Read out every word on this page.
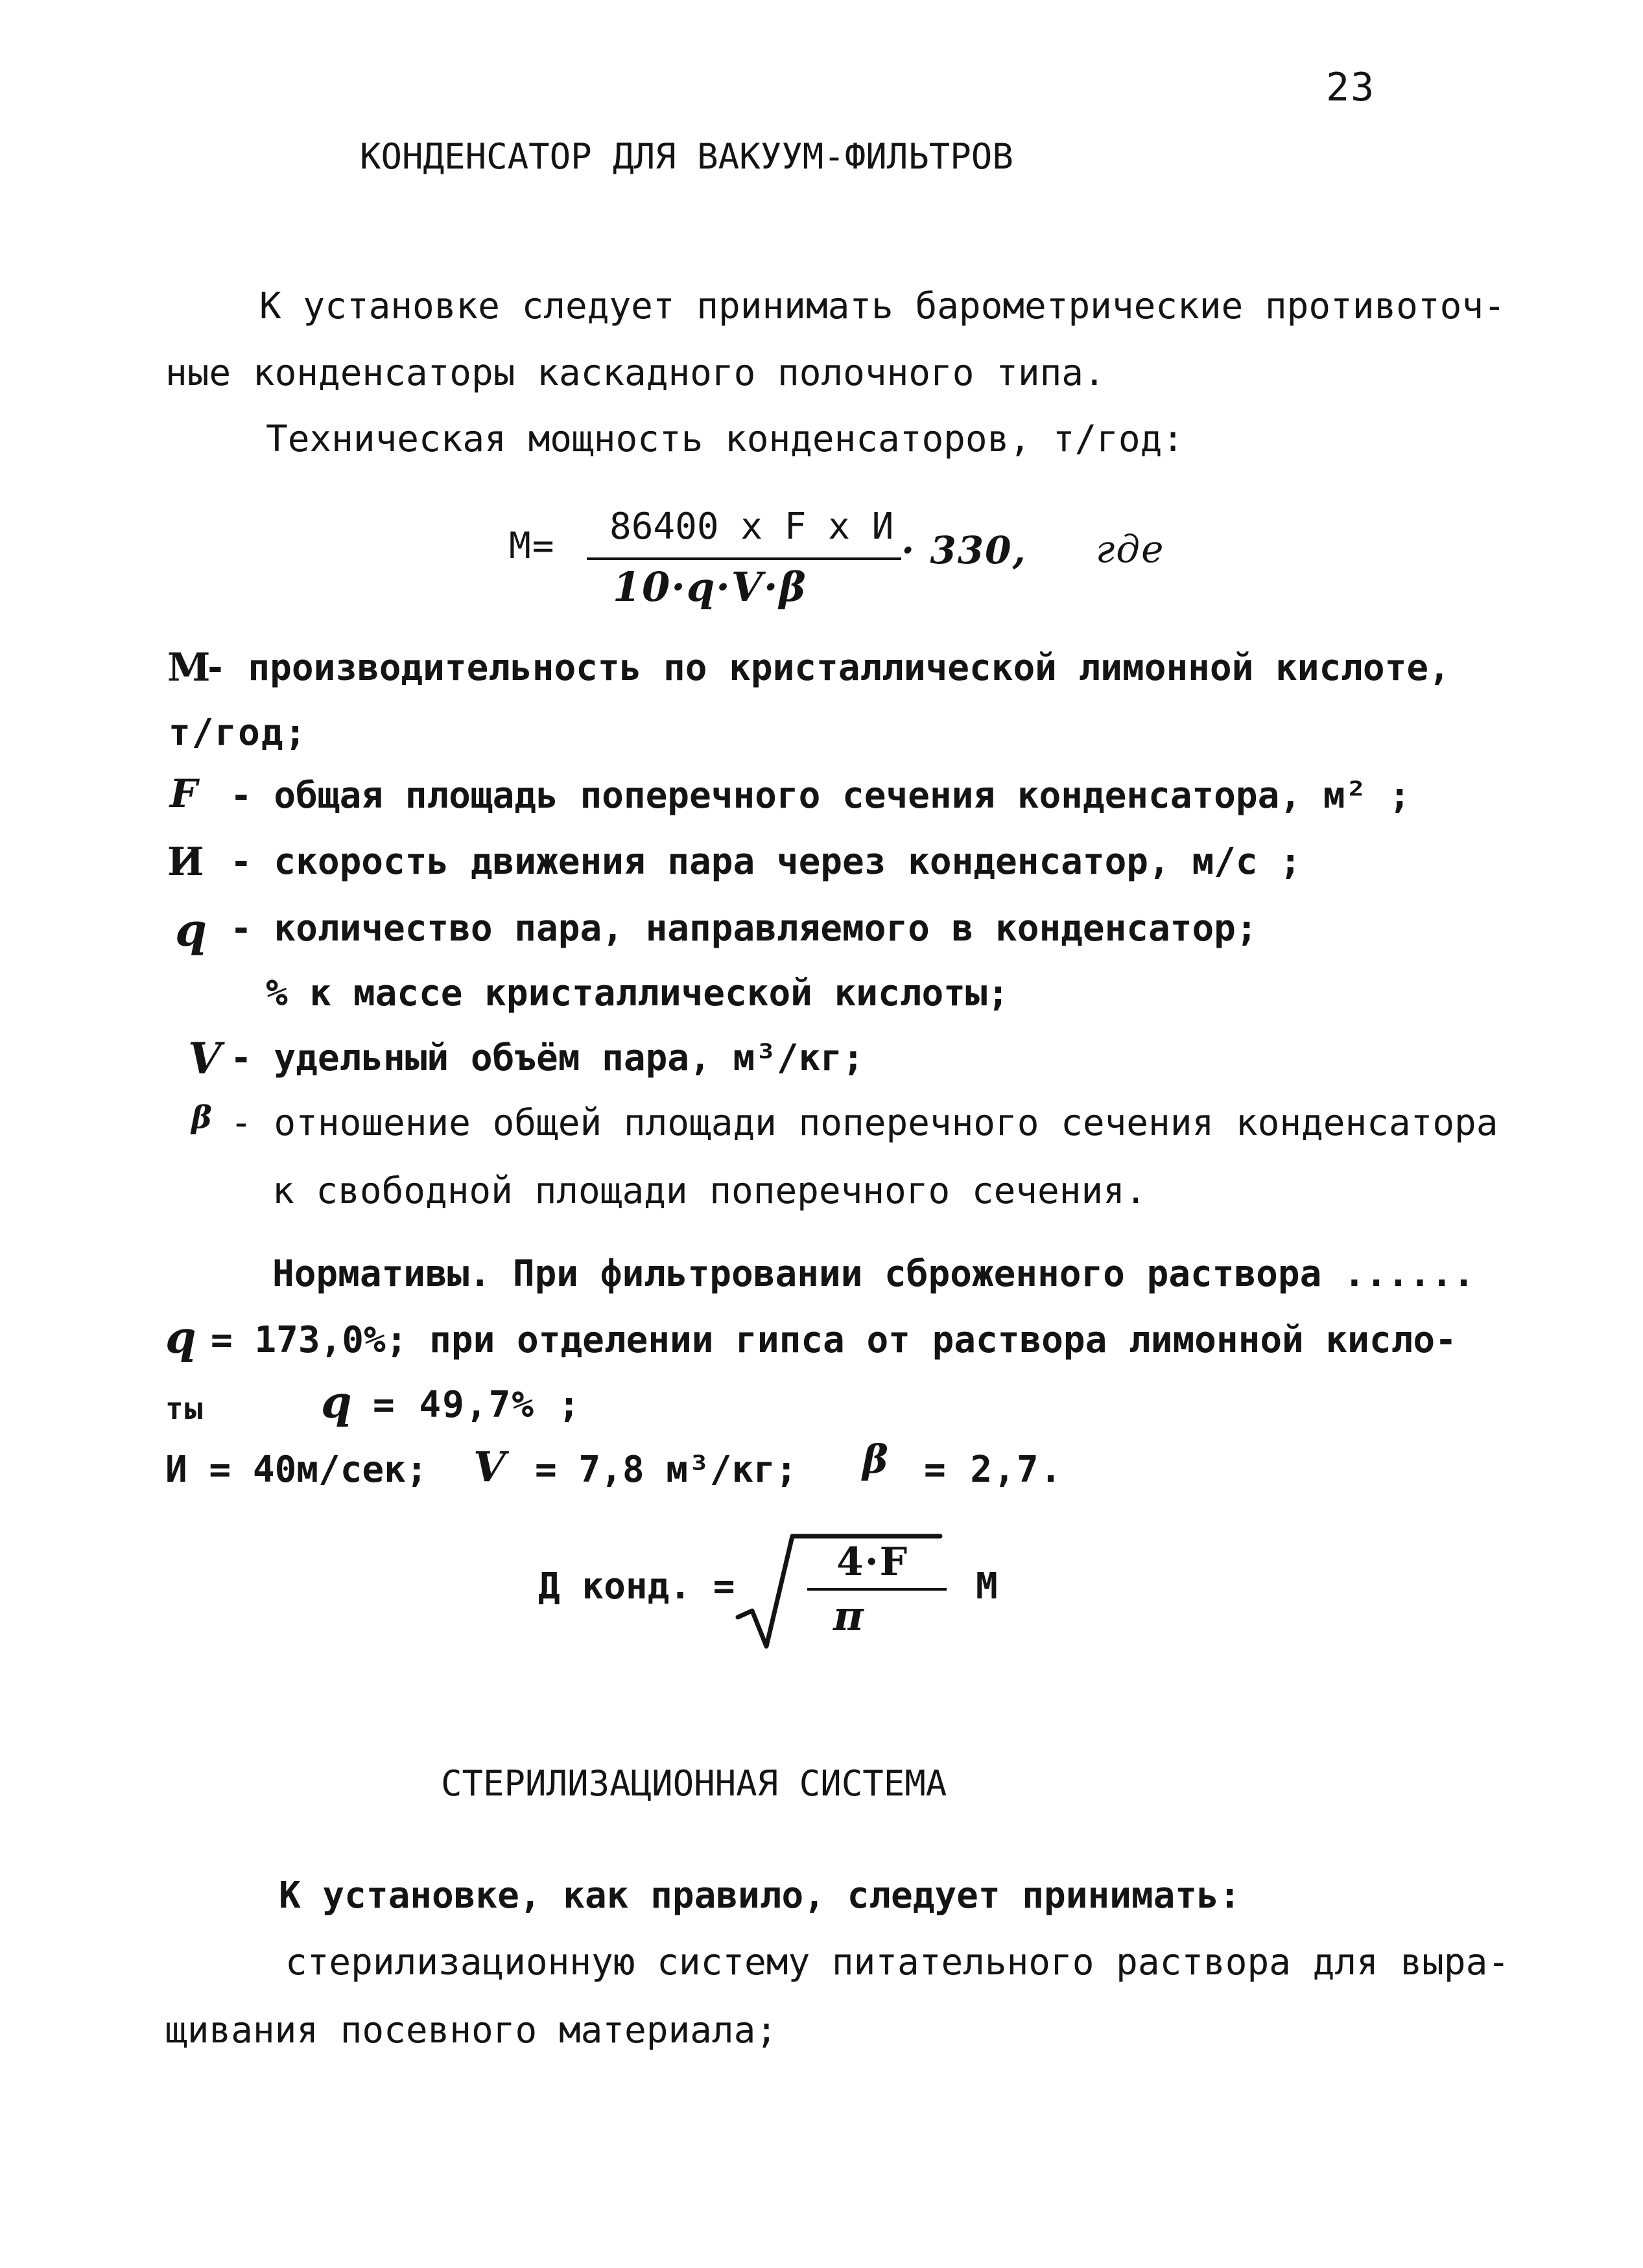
23
КОНДЕНСАТОР ДЛЯ ВАКУУМ-ФИЛЬТРОВ
К установке следует принимать барометрические противоточ-
ные конденсаторы каскадного полочного типа.
Техническая мощность конденсаторов, т/год:
М= 86400 x F x И
10·q·V·β
· 330, где
М
- производительность по кристаллической лимонной кислоте,
т/год;
F - общая площадь поперечного сечения конденсатора, м² ;
И - скорость движения пара через конденсатор, м/с ;
q - количество пара, направляемого в конденсатор;
% к массе кристаллической кислоты;
V - удельный объём пара, м³/кг;
β - отношение общей площади поперечного сечения конденсатора
к свободной площади поперечного сечения.
Нормативы. При фильтровании сброженного раствора ......
q = 173,0%; при отделении гипса от раствора лимонной кисло-
ты	q = 49,7% ;
И = 40м/сек; V = 7,8 м³/кг; β = 2,7.
Д конд. =
4·F
π
М
СТЕРИЛИЗАЦИОННАЯ СИСТЕМА
К установке, как правило, следует принимать:
стерилизационную систему питательного раствора для выра-
щивания посевного материала;
